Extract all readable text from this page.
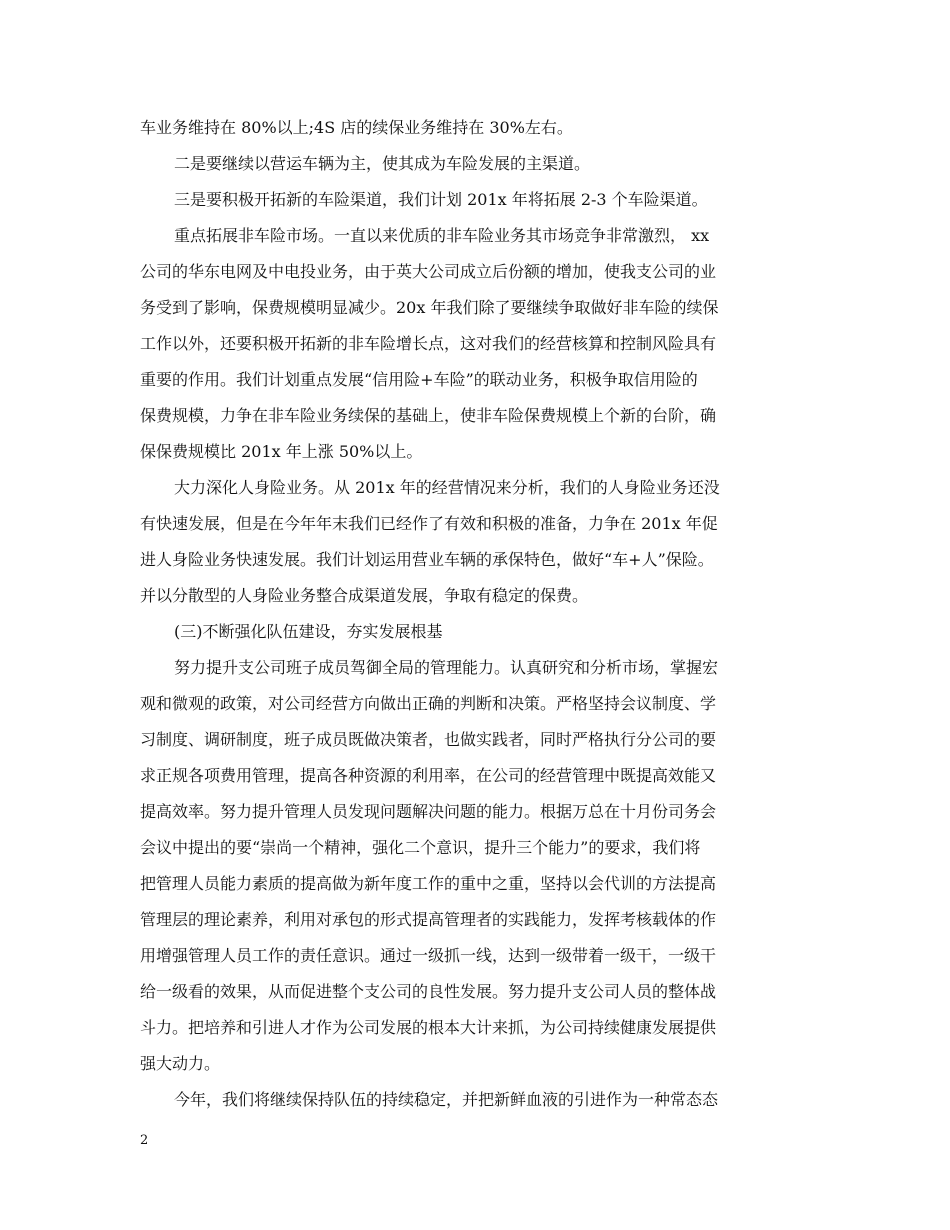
车业务维持在 80%以上;4S 店的续保业务维持在 30%左右。
二是要继续以营运车辆为主，使其成为车险发展的主渠道。
三是要积极开拓新的车险渠道，我们计划 201x 年将拓展 2-3 个车险渠道。
重点拓展非车险市场。一直以来优质的非车险业务其市场竞争非常激烈， xx
公司的华东电网及中电投业务，由于英大公司成立后份额的增加，使我支公司的业
务受到了影响，保费规模明显减少。20x 年我们除了要继续争取做好非车险的续保
工作以外，还要积极开拓新的非车险增长点，这对我们的经营核算和控制风险具有
重要的作用。我们计划重点发展“信用险+车险”的联动业务，积极争取信用险的
保费规模，力争在非车险业务续保的基础上，使非车险保费规模上个新的台阶，确
保保费规模比 201x 年上涨 50%以上。
大力深化人身险业务。从 201x 年的经营情况来分析，我们的人身险业务还没
有快速发展，但是在今年年末我们已经作了有效和积极的准备，力争在 201x 年促
进人身险业务快速发展。我们计划运用营业车辆的承保特色，做好“车+人”保险。
并以分散型的人身险业务整合成渠道发展，争取有稳定的保费。
(三)不断强化队伍建设，夯实发展根基
努力提升支公司班子成员驾御全局的管理能力。认真研究和分析市场，掌握宏
观和微观的政策，对公司经营方向做出正确的判断和决策。严格坚持会议制度、学
习制度、调研制度，班子成员既做决策者，也做实践者，同时严格执行分公司的要
求正规各项费用管理，提高各种资源的利用率，在公司的经营管理中既提高效能又
提高效率。努力提升管理人员发现问题解决问题的能力。根据万总在十月份司务会
会议中提出的要“崇尚一个精神，强化二个意识，提升三个能力”的要求，我们将
把管理人员能力素质的提高做为新年度工作的重中之重，坚持以会代训的方法提高
管理层的理论素养，利用对承包的形式提高管理者的实践能力，发挥考核载体的作
用增强管理人员工作的责任意识。通过一级抓一线，达到一级带着一级干，一级干
给一级看的效果，从而促进整个支公司的良性发展。努力提升支公司人员的整体战
斗力。把培养和引进人才作为公司发展的根本大计来抓，为公司持续健康发展提供
强大动力。
今年，我们将继续保持队伍的持续稳定，并把新鲜血液的引进作为一种常态态
2
